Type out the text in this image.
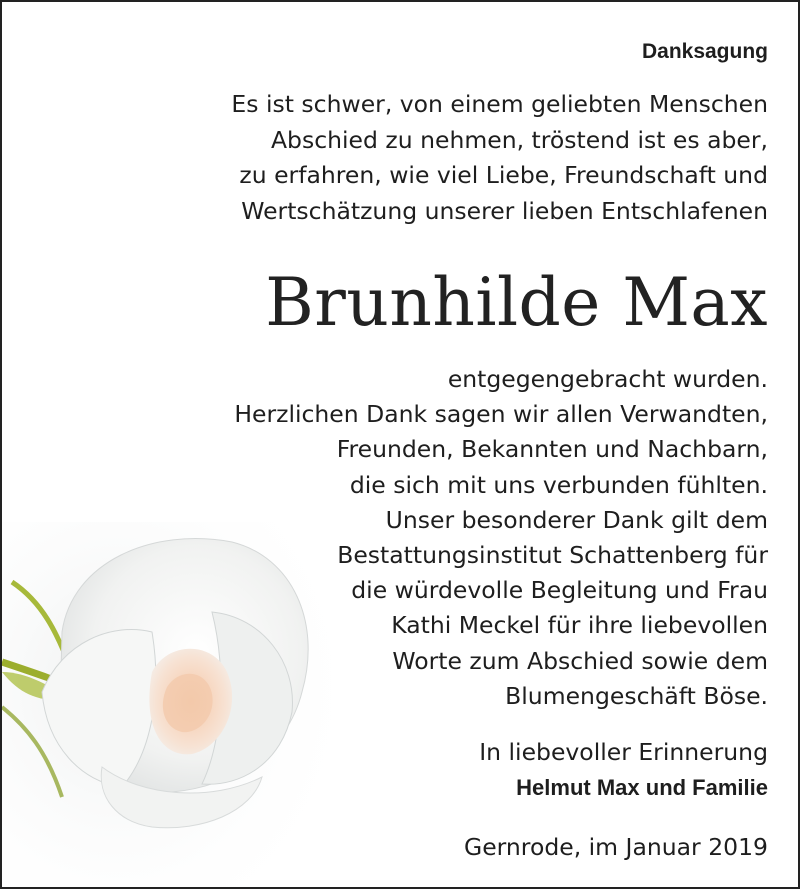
Danksagung
Es ist schwer, von einem geliebten Menschen
Abschied zu nehmen, tröstend ist es aber,
zu erfahren, wie viel Liebe, Freundschaft und
Wertschätzung unserer lieben Entschlafenen
Brunhilde Max
entgegengebracht wurden.
Herzlichen Dank sagen wir allen Verwandten,
Freunden, Bekannten und Nachbarn,
die sich mit uns verbunden fühlten.
Unser besonderer Dank gilt dem
Bestattungsinstitut Schattenberg für
die würdevolle Begleitung und Frau
Kathi Meckel für ihre liebevollen
Worte zum Abschied sowie dem
Blumengeschäft Böse.
In liebevoller Erinnerung
Helmut Max und Familie
Gernrode, im Januar 2019
